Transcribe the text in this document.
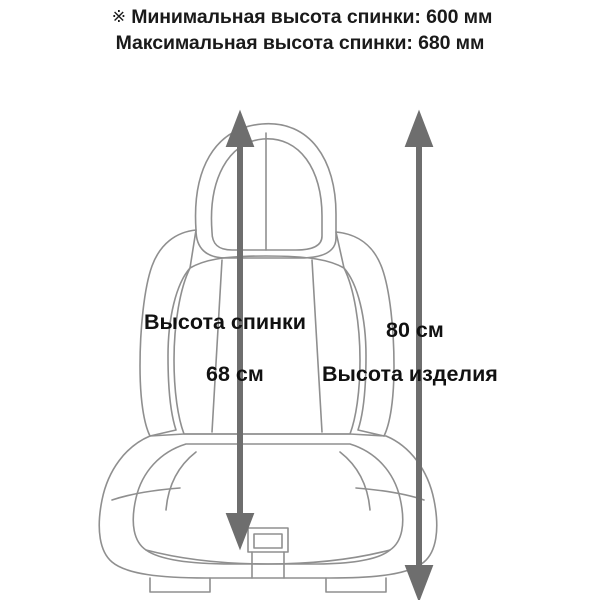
※ Минимальная высота спинки: 600 мм
Максимальная высота спинки: 680 мм
Высота спинки
68 см
80 см
Высота изделия
